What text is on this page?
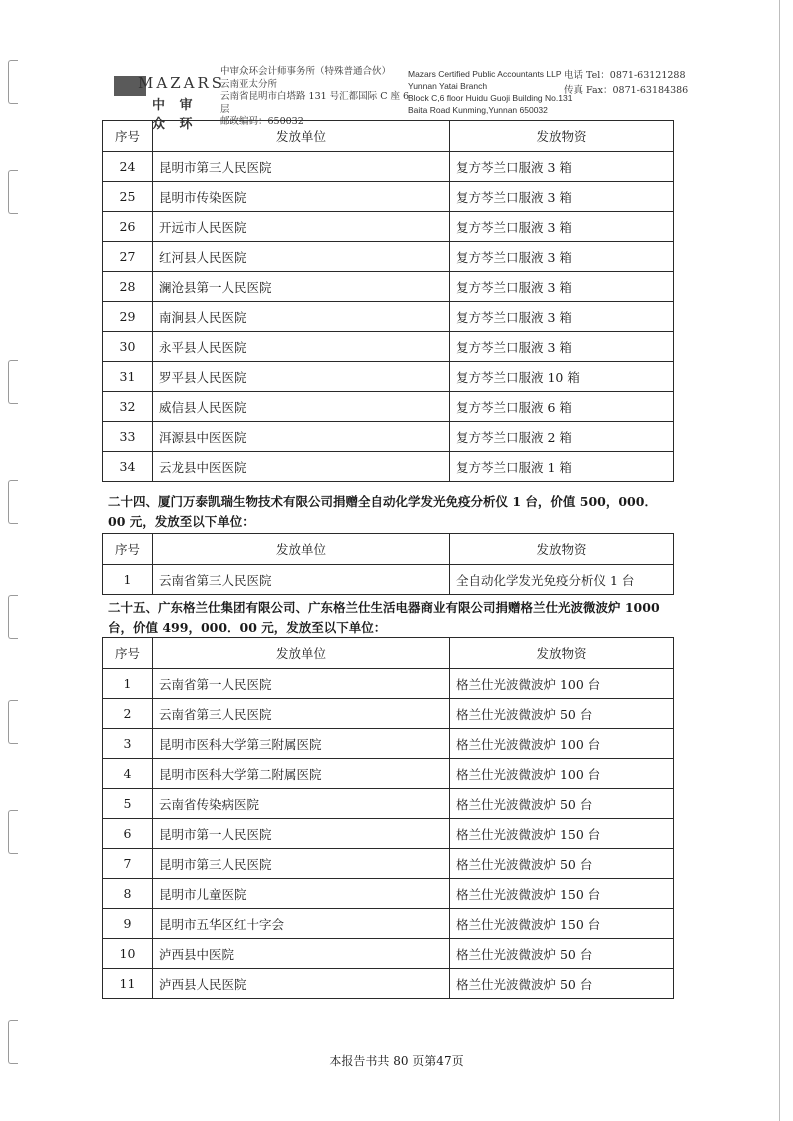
MAZARS
中 审 众 环
中审众环会计师事务所（特殊普通合伙）
云南亚太分所
云南省昆明市白塔路 131 号汇都国际 C 座 6 层
邮政编码：650032
Mazars Certified Public Accountants LLP
Yunnan Yatai Branch
Block C,6 floor Huidu Guoji Building No.131
Baita Road Kunming,Yunnan 650032
电话 Tel：0871-63121288
传真 Fax：0871-63184386
序号	发放单位	发放物资
24	昆明市第三人民医院	复方芩兰口服液 3 箱
25	昆明市传染医院	复方芩兰口服液 3 箱
26	开远市人民医院	复方芩兰口服液 3 箱
27	红河县人民医院	复方芩兰口服液 3 箱
28	澜沧县第一人民医院	复方芩兰口服液 3 箱
29	南涧县人民医院	复方芩兰口服液 3 箱
30	永平县人民医院	复方芩兰口服液 3 箱
31	罗平县人民医院	复方芩兰口服液 10 箱
32	威信县人民医院	复方芩兰口服液 6 箱
33	洱源县中医医院	复方芩兰口服液 2 箱
34	云龙县中医医院	复方芩兰口服液 1 箱
二十四、厦门万泰凯瑞生物技术有限公司捐赠全自动化学发光免疫分析仪 1 台，价值 500，000．00 元，发放至以下单位：
序号	发放单位	发放物资
1	云南省第三人民医院	全自动化学发光免疫分析仪 1 台
二十五、广东格兰仕集团有限公司、广东格兰仕生活电器商业有限公司捐赠格兰仕光波微波炉 1000 台，价值 499，000．00 元，发放至以下单位：
序号	发放单位	发放物资
1	云南省第一人民医院	格兰仕光波微波炉 100 台
2	云南省第三人民医院	格兰仕光波微波炉 50 台
3	昆明市医科大学第三附属医院	格兰仕光波微波炉 100 台
4	昆明市医科大学第二附属医院	格兰仕光波微波炉 100 台
5	云南省传染病医院	格兰仕光波微波炉 50 台
6	昆明市第一人民医院	格兰仕光波微波炉 150 台
7	昆明市第三人民医院	格兰仕光波微波炉 50 台
8	昆明市儿童医院	格兰仕光波微波炉 150 台
9	昆明市五华区红十字会	格兰仕光波微波炉 150 台
10	泸西县中医院	格兰仕光波微波炉 50 台
11	泸西县人民医院	格兰仕光波微波炉 50 台
本报告书共 80 页第47页
